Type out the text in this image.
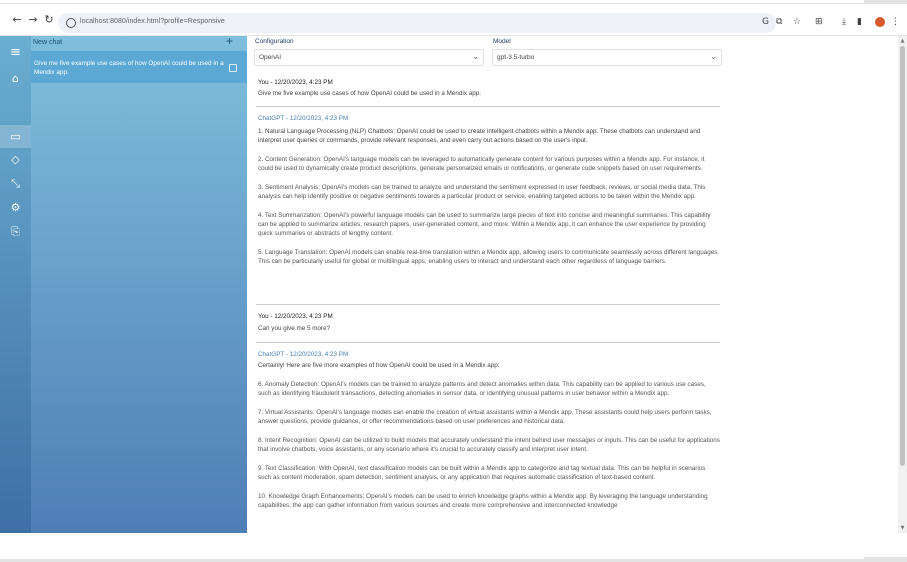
← → ↻	localhost:8080/index.html?profile=Responsive	G ⧉ ☆ ⊞ ⤓ ▮	⋮
≡
⌂
▭
◇
⤡
⚙
⎘
New chat	+
Give me five example use cases of how OpenAI could be used in a Mendix app.
Configuration
OpenAI	⌄
Model
gpt-3.5-turbo	⌄
You - 12/20/2023, 4:23 PM
Give me five example use cases of how OpenAI could be used in a Mendix app.
ChatGPT - 12/20/2023, 4:23 PM
1. Natural Language Processing (NLP) Chatbots: OpenAI could be used to create intelligent chatbots within a Mendix app. These chatbots can understand and interpret user queries or commands, provide relevant responses, and even carry out actions based on the user's input.
2. Content Generation: OpenAI's language models can be leveraged to automatically generate content for various purposes within a Mendix app. For instance, it could be used to dynamically create product descriptions, generate personalized emails or notifications, or generate code snippets based on user requirements.
3. Sentiment Analysis: OpenAI's models can be trained to analyze and understand the sentiment expressed in user feedback, reviews, or social media data. This analysis can help identify positive or negative sentiments towards a particular product or service, enabling targeted actions to be taken within the Mendix app.
4. Text Summarization: OpenAI's powerful language models can be used to summarize large pieces of text into concise and meaningful summaries. This capability can be applied to summarize articles, research papers, user-generated content, and more. Within a Mendix app, it can enhance the user experience by providing quick summaries or abstracts of lengthy content.
5. Language Translation: OpenAI models can enable real-time translation within a Mendix app, allowing users to communicate seamlessly across different languages. This can be particularly useful for global or multilingual apps, enabling users to interact and understand each other regardless of language barriers.
You - 12/20/2023, 4:23 PM
Can you give me 5 more?
ChatGPT - 12/20/2023, 4:23 PM
Certainly! Here are five more examples of how OpenAI could be used in a Mendix app:
6. Anomaly Detection: OpenAI's models can be trained to analyze patterns and detect anomalies within data. This capability can be applied to various use cases, such as identifying fraudulent transactions, detecting anomalies in sensor data, or identifying unusual patterns in user behavior within a Mendix app.
7. Virtual Assistants: OpenAI's language models can enable the creation of virtual assistants within a Mendix app. These assistants could help users perform tasks, answer questions, provide guidance, or offer recommendations based on user preferences and historical data.
8. Intent Recognition: OpenAI can be utilized to build models that accurately understand the intent behind user messages or inputs. This can be useful for applications that involve chatbots, voice assistants, or any scenario where it's crucial to accurately classify and interpret user intent.
9. Text Classification: With OpenAI, text classification models can be built within a Mendix app to categorize and tag textual data. This can be helpful in scenarios such as content moderation, spam detection, sentiment analysis, or any application that requires automatic classification of text-based content.
10. Knowledge Graph Enhancements: OpenAI's models can be used to enrich knowledge graphs within a Mendix app. By leveraging the language understanding capabilities, the app can gather information from various sources and create more comprehensive and interconnected knowledge
▲
▼
